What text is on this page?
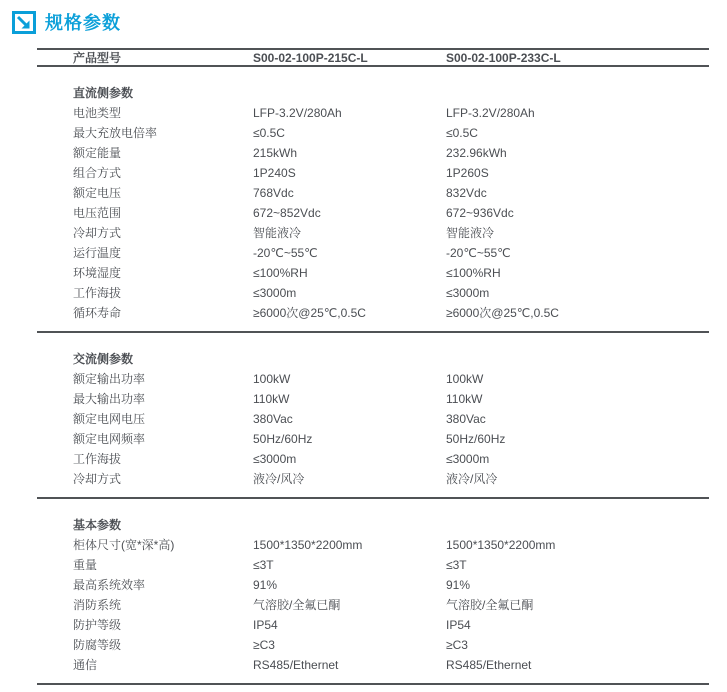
规格参数
产品型号	S00-02-100P-215C-L	S00-02-100P-233C-L
直流侧参数
电池类型	LFP-3.2V/280Ah	LFP-3.2V/280Ah
最大充放电倍率	≤0.5C	≤0.5C
额定能量	215kWh	232.96kWh
组合方式	1P240S	1P260S
额定电压	768Vdc	832Vdc
电压范围	672~852Vdc	672~936Vdc
冷却方式	智能液冷	智能液冷
运行温度	-20℃~55℃	-20℃~55℃
环境湿度	≤100%RH	≤100%RH
工作海拔	≤3000m	≤3000m
循环寿命	≥6000次@25℃,0.5C	≥6000次@25℃,0.5C
交流侧参数
额定输出功率	100kW	100kW
最大输出功率	110kW	110kW
额定电网电压	380Vac	380Vac
额定电网频率	50Hz/60Hz	50Hz/60Hz
工作海拔	≤3000m	≤3000m
冷却方式	液冷/风冷	液冷/风冷
基本参数
柜体尺寸(宽*深*高)	1500*1350*2200mm	1500*1350*2200mm
重量	≤3T	≤3T
最高系统效率	91%	91%
消防系统	气溶胶/全氟已酮	气溶胶/全氟已酮
防护等级	IP54	IP54
防腐等级	≥C3	≥C3
通信	RS485/Ethernet	RS485/Ethernet
